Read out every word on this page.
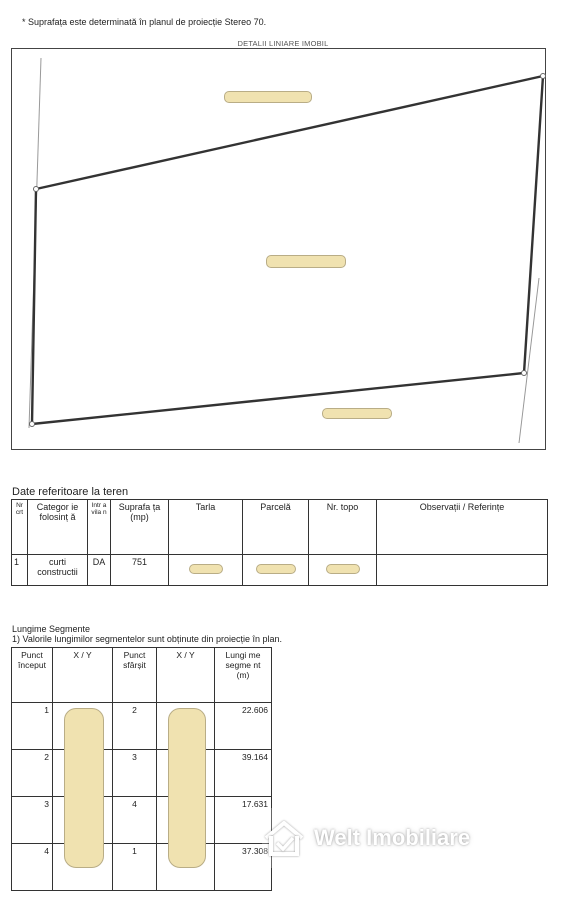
* Suprafața este determinată în planul de proiecție Stereo 70.
DETALII LINIARE IMOBIL
Date referitoare la teren
Nr crt	Categor ie folosinț ă	Intr a vila n	Suprafa ța (mp)	Tarla	Parcelă	Nr. topo	Observații / Referințe
1	curti constructii	DA	751				
Lungime Segmente
1) Valorile lungimilor segmentelor sunt obținute din proiecție în plan.
Punct început	X / Y	Punct sfârșit	X / Y	Lungi me segme nt (m)
1		2		22.606
2		3		39.164
3		4		17.631
4		1		37.308
Welt Imobiliare
